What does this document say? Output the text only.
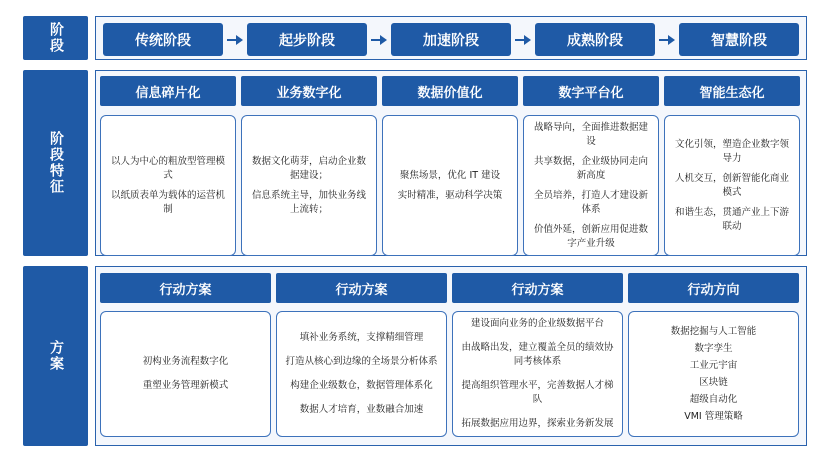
阶段
阶段特征
方案
传统阶段	起步阶段	加速阶段	成熟阶段	智慧阶段
信息碎片化
以人为中心的粗放型管理模式
以纸质表单为载体的运营机制
业务数字化
数据文化萌芽，启动企业数据建设；
信息系统主导，加快业务线上流转；
数据价值化
聚焦场景，优化 IT 建设
实时精准，驱动科学决策
数字平台化
战略导向，全面推进数据建设
共享数据，企业级协同走向新高度
全员培养，打造人才建设新体系
价值外延，创新应用促进数字产业升级
智能生态化
文化引领，塑造企业数字领导力
人机交互，创新智能化商业模式
和谐生态，贯通产业上下游联动
行动方案
初构业务流程数字化
重塑业务管理新模式
行动方案
填补业务系统，支撑精细管理
打造从核心到边缘的全场景分析体系
构建企业级数仓，数据管理体系化
数据人才培育，业数融合加速
行动方案
建设面向业务的企业级数据平台
由战略出发，建立覆盖全员的绩效协同考核体系
提高组织管理水平，完善数据人才梯队
拓展数据应用边界，探索业务新发展
行动方向
数据挖掘与人工智能
数字孪生
工业元宇宙
区块链
超级自动化
VMI 管理策略
